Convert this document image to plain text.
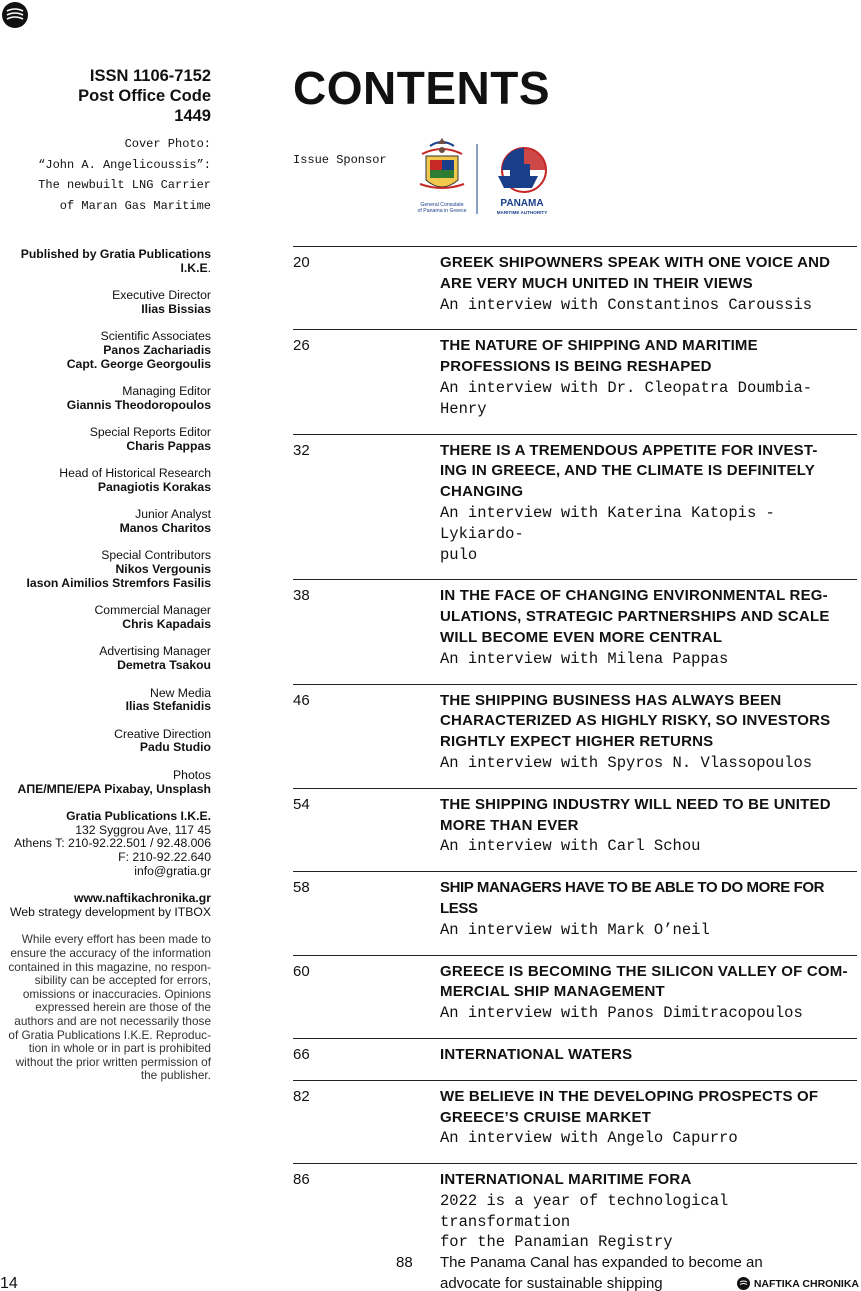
ISSN 1106-7152
Post Office Code
1449
Cover Photo:
“John A. Angelicoussis”:
The newbuilt LNG Carrier
of Maran Gas Maritime
Published by Gratia Publications
I.K.E.
Executive Director
Ilias Bissias
Scientific Associates
Panos Zachariadis
Capt. George Georgoulis
Managing Editor
Giannis Theodoropoulos
Special Reports Editor
Charis Pappas
Head of Historical Research
Panagiotis Korakas
Junior Analyst
Manos Charitos
Special Contributors
Nikos Vergounis
Iason Aimilios Stremfors Fasilis
Commercial Manager
Chris Kapadais
Advertising Manager
Demetra Tsakou
New Media
Ilias Stefanidis
Creative Direction
Padu Studio
Photos
ΑΠΕ/ΜΠΕ/EPA Pixabay, Unsplash
Gratia Publications I.K.E.
132 Syggrou Ave, 117 45
Athens T: 210-92.22.501 / 92.48.006
F: 210-92.22.640
info@gratia.gr
www.naftikachronika.gr
Web strategy development by ITBOX
While every effort has been made to
ensure the accuracy of the information
contained in this magazine, no respon-
sibility can be accepted for errors,
omissions or inaccuracies. Opinions
expressed herein are those of the
authors and are not necessarily those
of Gratia Publications I.K.E. Reproduc-
tion in whole or in part is prohibited
without the prior written permission of
the publisher.
CONTENTS
Issue Sponsor
General Consulate
of Panama in Greece
PANAMA
MARITIME AUTHORITY
20	GREEK SHIPOWNERS SPEAK WITH ONE VOICE AND
ARE VERY MUCH UNITED IN THEIR VIEWS
An interview with Constantinos Caroussis
26	THE NATURE OF SHIPPING AND MARITIME
PROFESSIONS IS BEING RESHAPED
An interview with Dr. Cleopatra Doumbia-Henry
32	THERE IS A TREMENDOUS APPETITE FOR INVEST-
ING IN GREECE, AND THE CLIMATE IS DEFINITELY
CHANGING
An interview with Katerina Katopis - Lykiardo-
pulo
38	IN THE FACE OF CHANGING ENVIRONMENTAL REG-
ULATIONS, STRATEGIC PARTNERSHIPS AND SCALE
WILL BECOME EVEN MORE CENTRAL
An interview with Milena Pappas
46	THE SHIPPING BUSINESS HAS ALWAYS BEEN
CHARACTERIZED AS HIGHLY RISKY, SO INVESTORS
RIGHTLY EXPECT HIGHER RETURNS
An interview with Spyros N. Vlassopoulos
54	THE SHIPPING INDUSTRY WILL NEED TO BE UNITED
MORE THAN EVER
An interview with Carl Schou
58	SHIP MANAGERS HAVE TO BE ABLE TO DO MORE FOR LESS
An interview with Mark O’neil
60	GREECE IS BECOMING THE SILICON VALLEY OF COM-
MERCIAL SHIP MANAGEMENT
An interview with Panos Dimitracopoulos
66	INTERNATIONAL WATERS
82	WE BELIEVE IN THE DEVELOPING PROSPECTS OF
GREECE’S CRUISE MARKET
An interview with Angelo Capurro
86	INTERNATIONAL MARITIME FORA
2022 is a year of technological transformation
for the Panamian Registry
88 The Panama Canal has expanded to become an
advocate for sustainable shipping
14	NAFTIKA CHRONIKA
